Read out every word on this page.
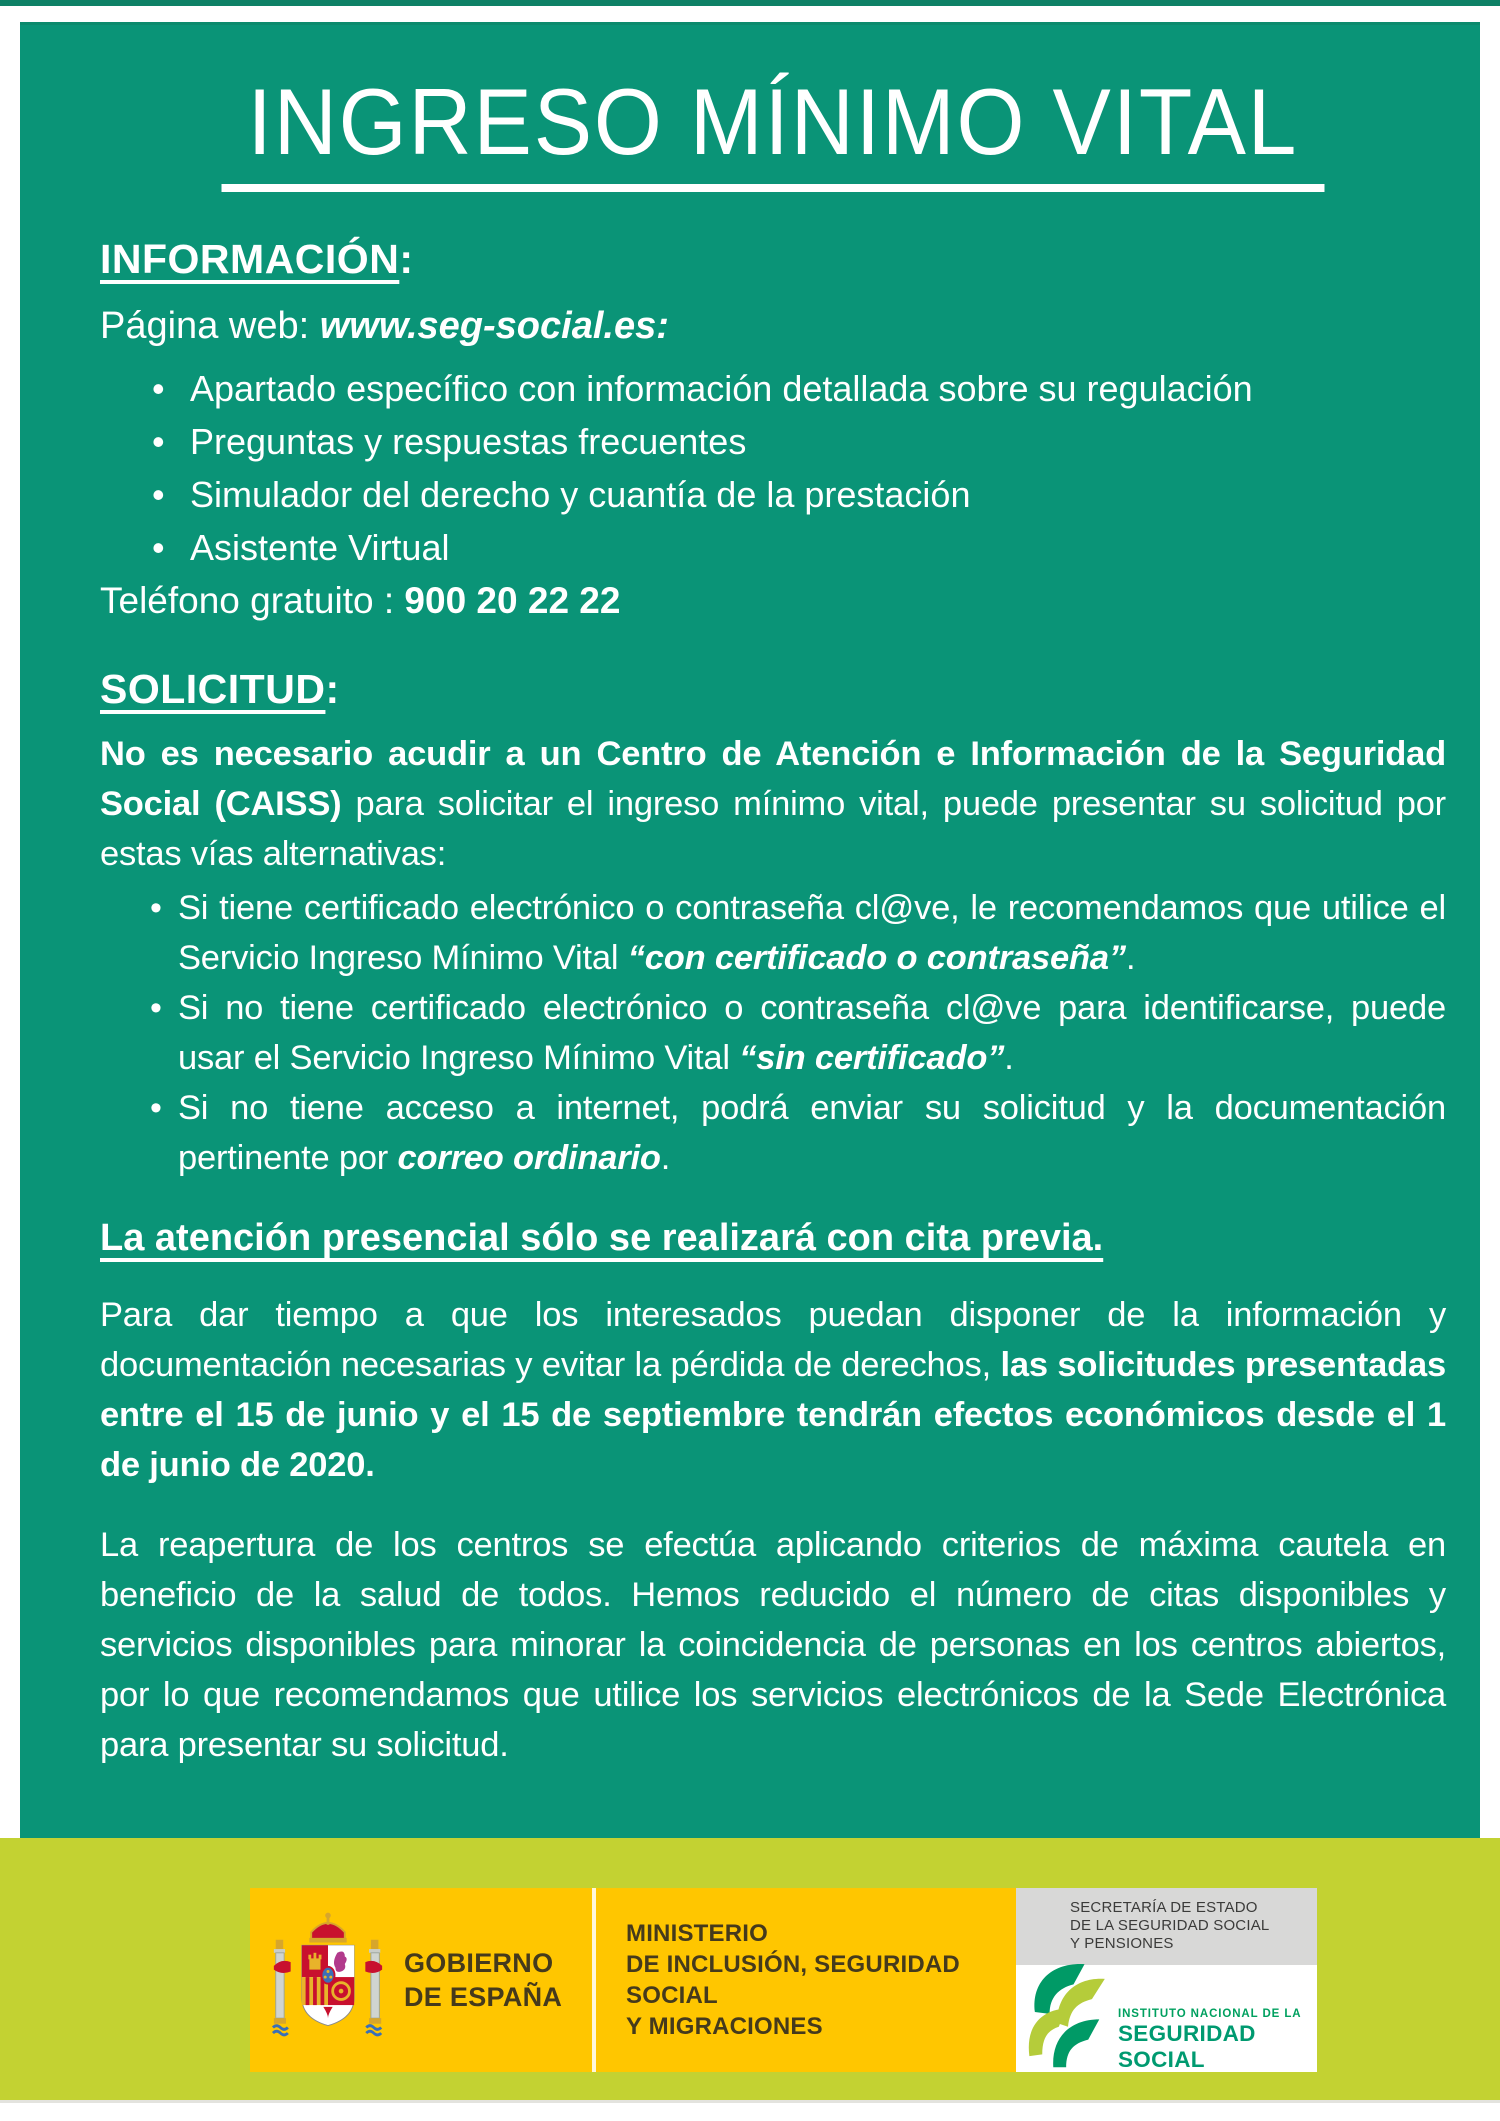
INGRESO MÍNIMO VITAL
INFORMACIÓN:
Página web: www.seg-social.es:
• Apartado específico con información detallada sobre su regulación
• Preguntas y respuestas frecuentes
• Simulador del derecho y cuantía de la prestación
• Asistente Virtual
Teléfono gratuito : 900 20 22 22
SOLICITUD:
No es necesario acudir a un Centro de Atención e Información de la Seguridad Social (CAISS) para solicitar el ingreso mínimo vital, puede presentar su solicitud por estas vías alternativas:
• Si tiene certificado electrónico o contraseña cl@ve, le recomendamos que utilice el Servicio Ingreso Mínimo Vital “con certificado o contraseña”.
• Si no tiene certificado electrónico o contraseña cl@ve para identificarse, puede usar el Servicio Ingreso Mínimo Vital “sin certificado”.
• Si no tiene acceso a internet, podrá enviar su solicitud y la documentación pertinente por correo ordinario.
La atención presencial sólo se realizará con cita previa.
Para dar tiempo a que los interesados puedan disponer de la información y documentación necesarias y evitar la pérdida de derechos, las solicitudes presentadas entre el 15 de junio y el 15 de septiembre tendrán efectos económicos desde el 1 de junio de 2020.
La reapertura de los centros se efectúa aplicando criterios de máxima cautela en beneficio de la salud de todos. Hemos reducido el número de citas disponibles y servicios disponibles para minorar la coincidencia de personas en los centros abiertos, por lo que recomendamos que utilice los servicios electrónicos de la Sede Electrónica para presentar su solicitud.
GOBIERNO
DE ESPAÑA
MINISTERIO
DE INCLUSIÓN, SEGURIDAD SOCIAL
Y MIGRACIONES
SECRETARÍA DE ESTADO
DE LA SEGURIDAD SOCIAL
Y PENSIONES
INSTITUTO NACIONAL DE LA
SEGURIDAD SOCIAL
